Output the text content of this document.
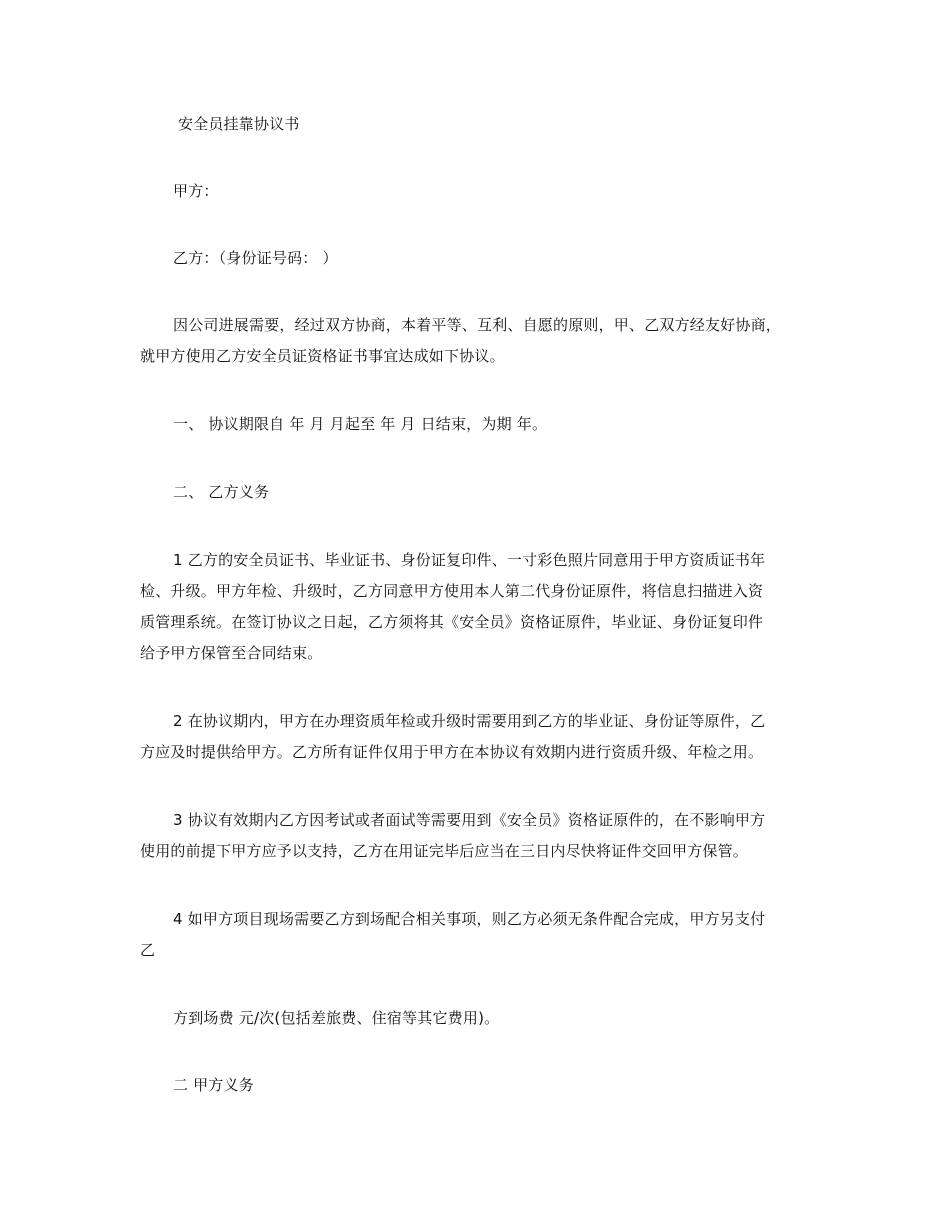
安全员挂靠协议书
甲方：
乙方：（身份证号码： ）
因公司进展需要，经过双方协商，本着平等、互利、自愿的原则，甲、乙双方经友好协商，
就甲方使用乙方安全员证资格证书事宜达成如下协议。
一、 协议期限自 年 月 月起至 年 月 日结束，为期 年。
二、 乙方义务
1 乙方的安全员证书、毕业证书、身份证复印件、一寸彩色照片同意用于甲方资质证书年
检、升级。甲方年检、升级时，乙方同意甲方使用本人第二代身份证原件，将信息扫描进入资
质管理系统。在签订协议之日起，乙方须将其《安全员》资格证原件，毕业证、身份证复印件
给予甲方保管至合同结束。
2 在协议期内，甲方在办理资质年检或升级时需要用到乙方的毕业证、身份证等原件，乙
方应及时提供给甲方。乙方所有证件仅用于甲方在本协议有效期内进行资质升级、年检之用。
3 协议有效期内乙方因考试或者面试等需要用到《安全员》资格证原件的，在不影响甲方
使用的前提下甲方应予以支持，乙方在用证完毕后应当在三日内尽快将证件交回甲方保管。
4 如甲方项目现场需要乙方到场配合相关事项，则乙方必须无条件配合完成，甲方另支付
乙
方到场费 元/次(包括差旅费、住宿等其它费用)。
二 甲方义务
